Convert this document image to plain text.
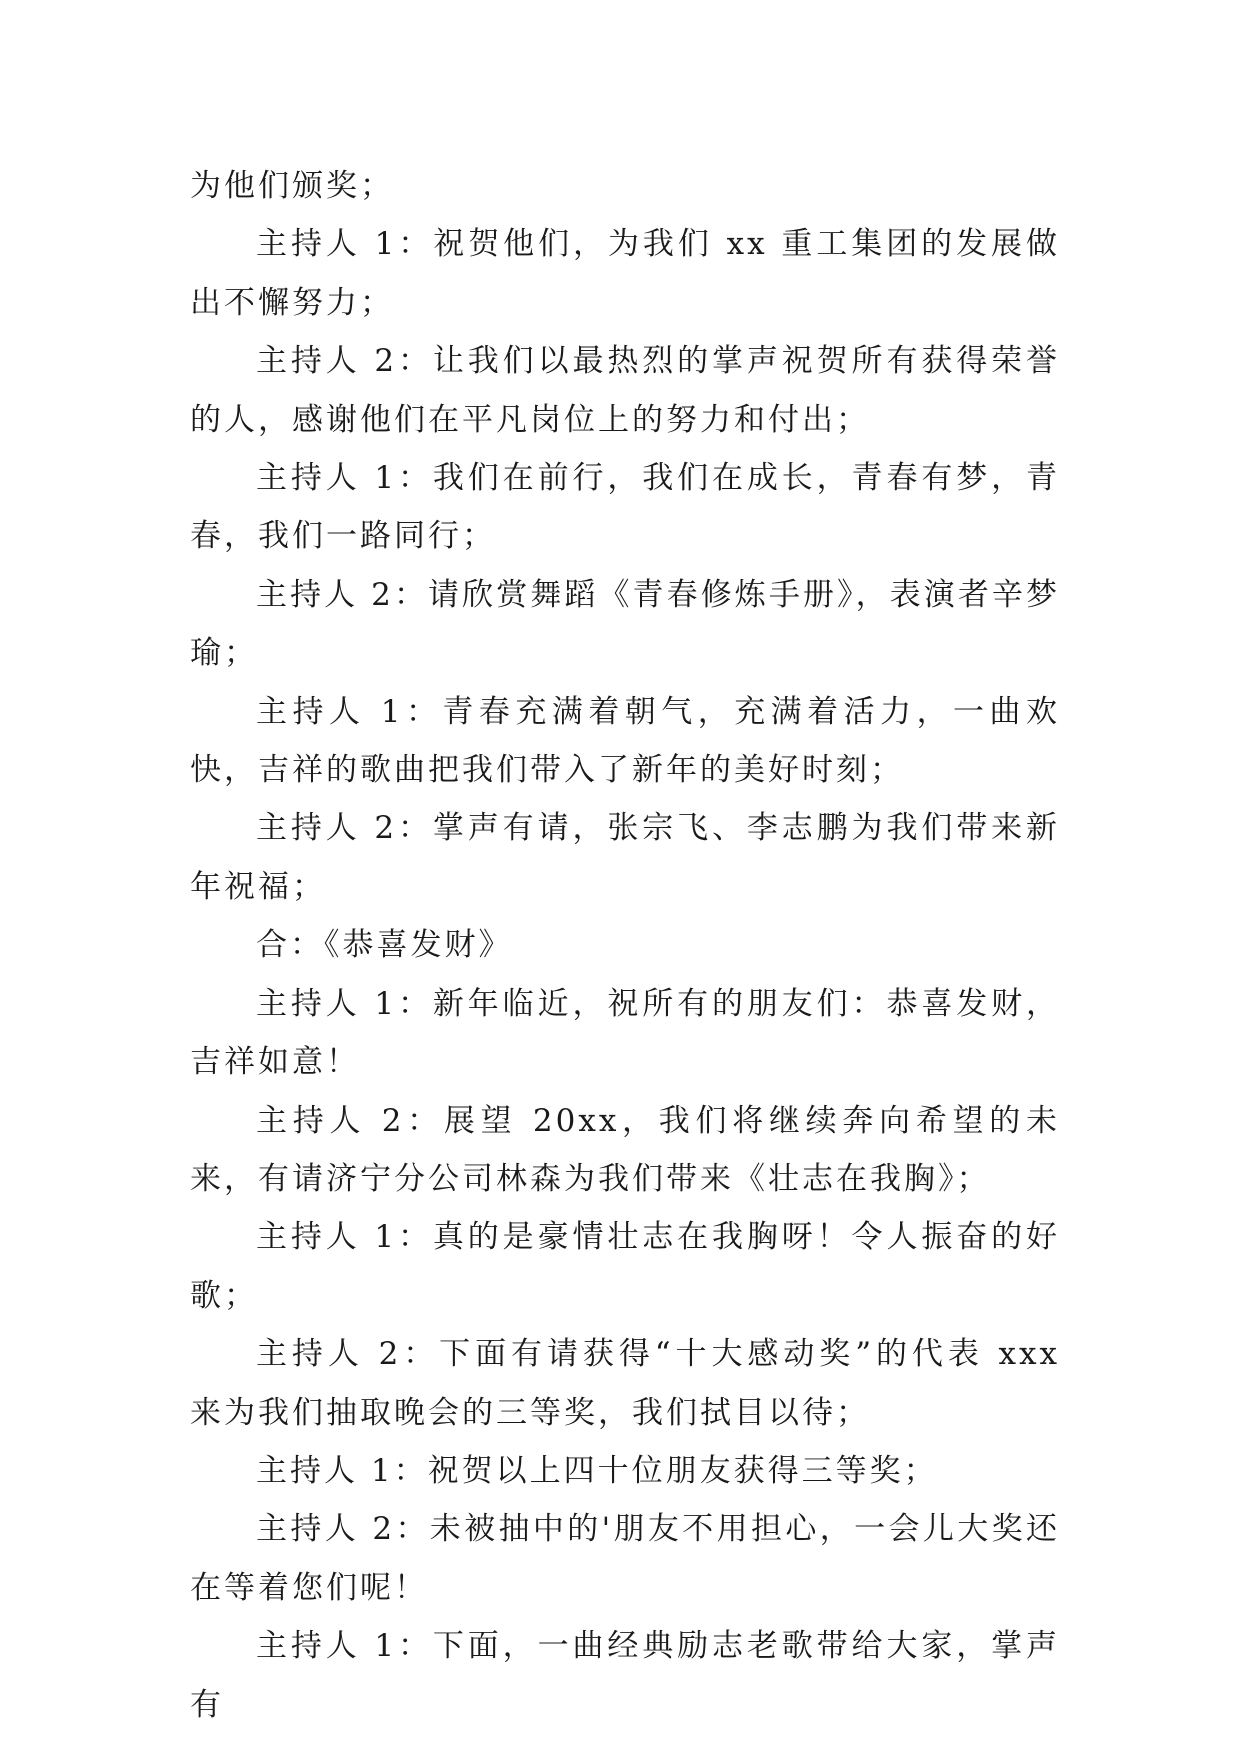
为他们颁奖；

主持人 1：祝贺他们，为我们 xx 重工集团的发展做出不懈努力；

主持人 2：让我们以最热烈的掌声祝贺所有获得荣誉的人，感谢他们在平凡岗位上的努力和付出；

主持人 1：我们在前行，我们在成长，青春有梦，青春，我们一路同行；

主持人 2：请欣赏舞蹈《青春修炼手册》，表演者辛梦瑜；

主持人 1：青春充满着朝气，充满着活力，一曲欢快，吉祥的歌曲把我们带入了新年的美好时刻；

主持人 2：掌声有请，张宗飞、李志鹏为我们带来新年祝福；

合：《恭喜发财》

主持人 1：新年临近，祝所有的朋友们：恭喜发财，吉祥如意！

主持人 2：展望 20xx，我们将继续奔向希望的未来，有请济宁分公司林森为我们带来《壮志在我胸》；

主持人 1：真的是豪情壮志在我胸呀！令人振奋的好歌；

主持人 2：下面有请获得“十大感动奖”的代表 xxx 来为我们抽取晚会的三等奖，我们拭目以待；

主持人 1：祝贺以上四十位朋友获得三等奖；

主持人 2：未被抽中的'朋友不用担心，一会儿大奖还在等着您们呢！

主持人 1：下面，一曲经典励志老歌带给大家，掌声有
